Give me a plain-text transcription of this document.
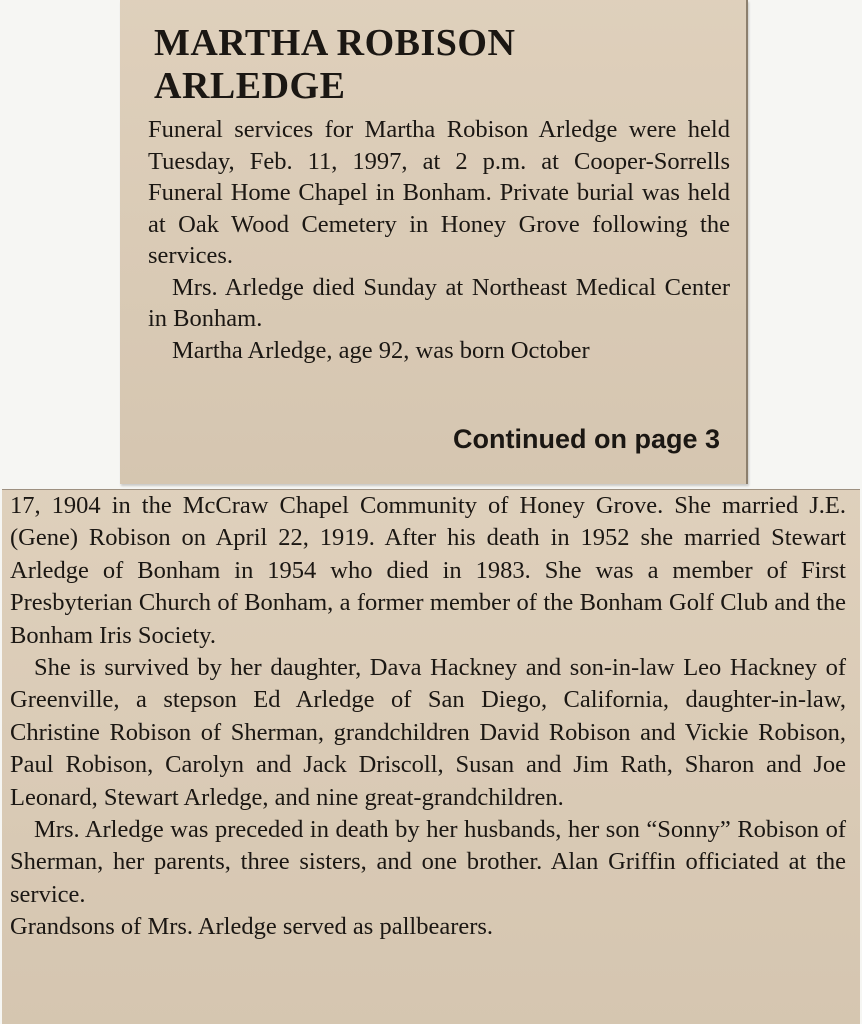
MARTHA ROBISON
ARLEDGE

Funeral services for Martha Robison Arledge were held Tuesday, Feb. 11, 1997, at 2 p.m. at Cooper-Sorrells Funeral Home Chapel in Bonham. Private burial was held at Oak Wood Cemetery in Honey Grove following the services.

Mrs. Arledge died Sunday at Northeast Medical Center in Bonham.

Martha Arledge, age 92, was born October

Continued on page 3

17, 1904 in the McCraw Chapel Community of Honey Grove. She married J.E. (Gene) Robison on April 22, 1919. After his death in 1952 she married Stewart Arledge of Bonham in 1954 who died in 1983. She was a member of First Presbyterian Church of Bonham, a former member of the Bonham Golf Club and the Bonham Iris Society.

She is survived by her daughter, Dava Hackney and son-in-law Leo Hackney of Greenville, a stepson Ed Arledge of San Diego, California, daughter-in-law, Christine Robison of Sherman, grandchildren David Robison and Vickie Robison, Paul Robison, Carolyn and Jack Driscoll, Susan and Jim Rath, Sharon and Joe Leonard, Stewart Arledge, and nine great-grandchildren.

Mrs. Arledge was preceded in death by her husbands, her son “Sonny” Robison of Sherman, her parents, three sisters, and one brother. Alan Griffin officiated at the service.

Grandsons of Mrs. Arledge served as pallbearers.
